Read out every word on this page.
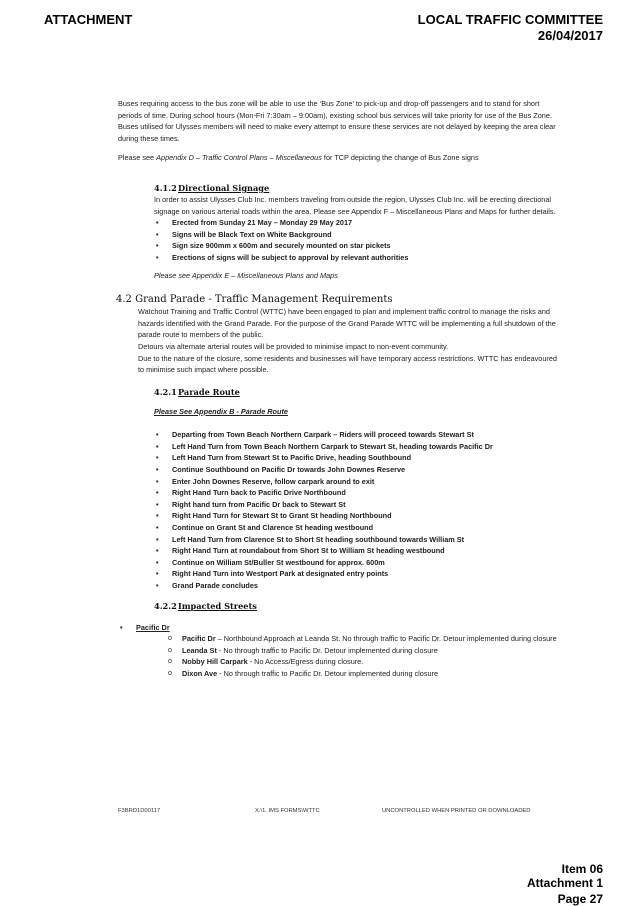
ATTACHMENT	LOCAL TRAFFIC COMMITTEE
26/04/2017

Buses requiring access to the bus zone will be able to use the ‘Bus Zone’ to pick-up and drop-off passengers and to stand for short periods of time. During school hours (Mon-Fri 7:30am – 9:00am), existing school bus services will take priority for use of the Bus Zone. Buses utilised for Ulysses members will need to make every attempt to ensure these services are not delayed by keeping the area clear during these times.

Please see Appendix D – Traffic Control Plans – Miscellaneous for TCP depicting the change of Bus Zone signs

4.1.2Directional Signage

In order to assist Ulysses Club Inc. members traveling from outside the region, Ulysses Club Inc. will be erecting directional signage on various arterial roads within the area. Please see Appendix F – Miscellaneous Plans and Maps for further details.

• Erected from Sunday 21 May – Monday 29 May 2017
• Signs will be Black Text on White Background
• Sign size 900mm x 600m and securely mounted on star pickets
• Erections of signs will be subject to approval by relevant authorities

Please see Appendix E – Miscellaneous Plans and Maps

4.2 Grand Parade - Traffic Management Requirements

Watchout Training and Traffic Control (WTTC) have been engaged to plan and implement traffic control to manage the risks and hazards identified with the Grand Parade. For the purpose of the Grand Parade WTTC will be implementing a full shutdown of the parade route to members of the public.

Detours via alternate arterial routes will be provided to minimise impact to non-event community.

Due to the nature of the closure, some residents and businesses will have temporary access restrictions. WTTC has endeavoured to minimise such impact where possible.

4.2.1Parade Route

Please See Appendix B - Parade Route

• Departing from Town Beach Northern Carpark – Riders will proceed towards Stewart St
• Left Hand Turn from Town Beach Northern Carpark to Stewart St, heading towards Pacific Dr
• Left Hand Turn from Stewart St to Pacific Drive, heading Southbound
• Continue Southbound on Pacific Dr towards John Downes Reserve
• Enter John Downes Reserve, follow carpark around to exit
• Right Hand Turn back to Pacific Drive Northbound
• Right hand turn from Pacific Dr back to Stewart St
• Right Hand Turn for Stewart St to Grant St heading Northbound
• Continue on Grant St and Clarence St heading westbound
• Left Hand Turn from Clarence St to Short St heading southbound towards William St
• Right Hand Turn at roundabout from Short St to William St heading westbound
• Continue on William St/Buller St westbound for approx. 600m
• Right Hand Turn into Westport Park at designated entry points
• Grand Parade concludes
4.2.2Impacted Streets
• Pacific Dr
o Pacific Dr – Northbound Approach at Leanda St. No through traffic to Pacific Dr. Detour implemented during closure
o Leanda St - No through traffic to Pacific Dr. Detour implemented during closure
o Nobby Hill Carpark - No Access/Egress during closure.
o Dixon Ave - No through traffic to Pacific Dr. Detour implemented during closure
F3BRD1D00117	X:\1. IMS FORMS\WTTC	UNCONTROLLED WHEN PRINTED OR DOWNLOADED
Item 06
Attachment 1
Page 27
